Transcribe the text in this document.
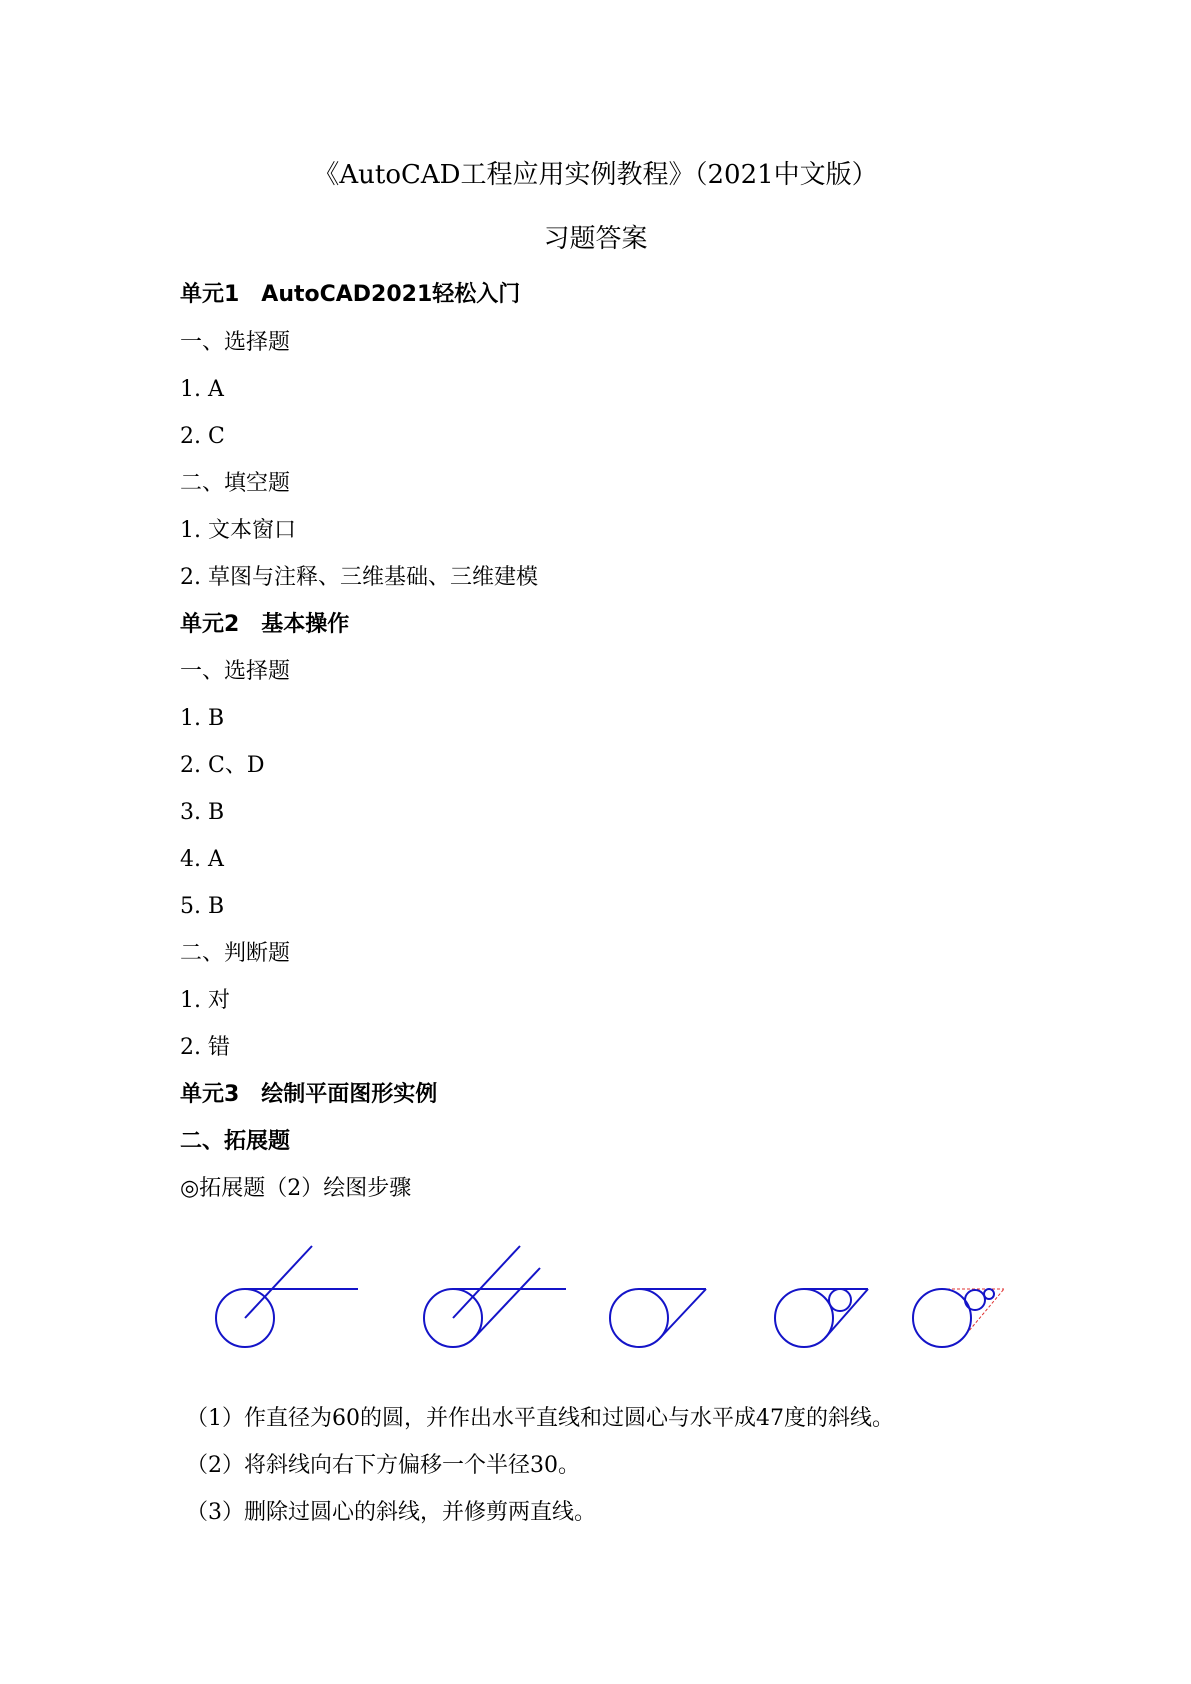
《AutoCAD工程应用实例教程》（2021中文版）
习题答案
单元1　AutoCAD2021轻松入门
一、选择题
1. A
2. C
二、填空题
1. 文本窗口
2. 草图与注释、三维基础、三维建模
单元2　基本操作
一、选择题
1. B
2. C、D
3. B
4. A
5. B
二、判断题
1. 对
2. 错
单元3　绘制平面图形实例
二、拓展题
◎拓展题（2）绘图步骤
（1）作直径为60的圆，并作出水平直线和过圆心与水平成47度的斜线。
（2）将斜线向右下方偏移一个半径30。
（3）删除过圆心的斜线，并修剪两直线。
